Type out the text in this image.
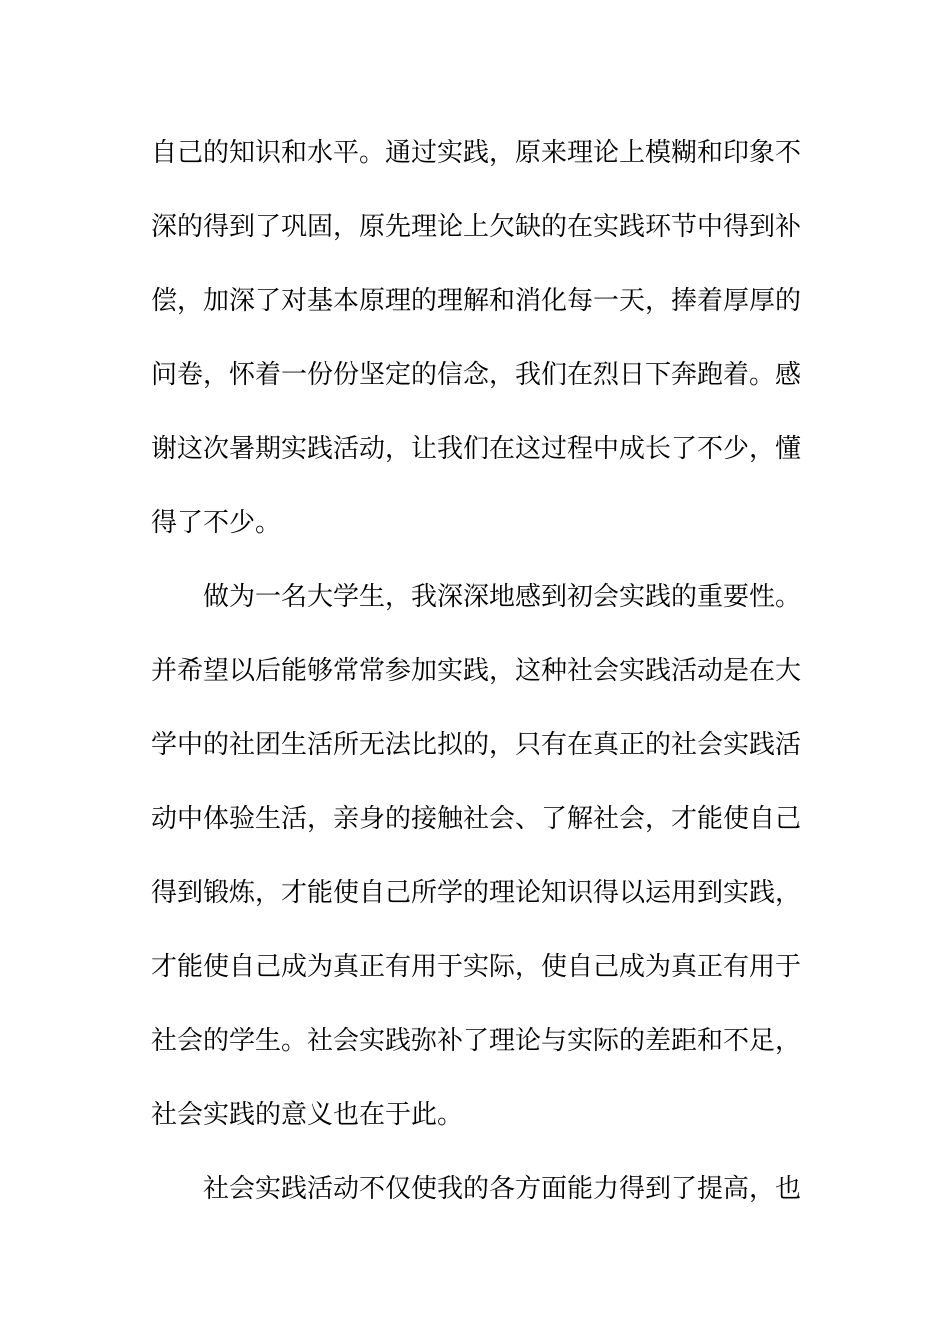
自己的知识和水平。通过实践，原来理论上模糊和印象不
深的得到了巩固，原先理论上欠缺的在实践环节中得到补
偿，加深了对基本原理的理解和消化每一天，捧着厚厚的
问卷，怀着一份份坚定的信念，我们在烈日下奔跑着。感
谢这次暑期实践活动，让我们在这过程中成长了不少，懂
得了不少。
做为一名大学生，我深深地感到初会实践的重要性。
并希望以后能够常常参加实践，这种社会实践活动是在大
学中的社团生活所无法比拟的，只有在真正的社会实践活
动中体验生活，亲身的接触社会、了解社会，才能使自己
得到锻炼，才能使自己所学的理论知识得以运用到实践，
才能使自己成为真正有用于实际，使自己成为真正有用于
社会的学生。社会实践弥补了理论与实际的差距和不足，
社会实践的意义也在于此。
社会实践活动不仅使我的各方面能力得到了提高，也
